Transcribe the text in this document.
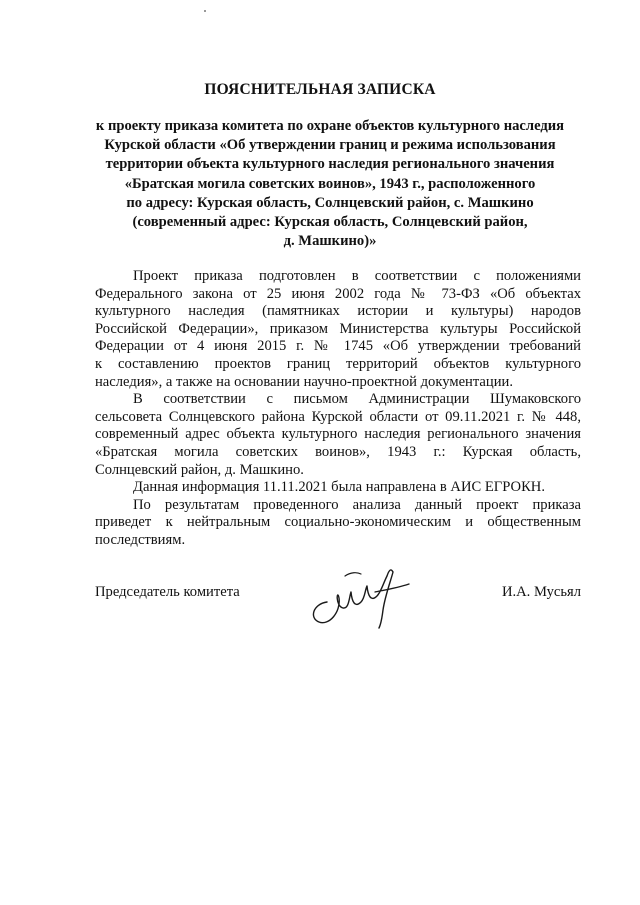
ПОЯСНИТЕЛЬНАЯ ЗАПИСКА
к проекту приказа комитета по охране объектов культурного наследия
Курской области «Об утверждении границ и режима использования
территории объекта культурного наследия регионального значения
«Братская могила советских воинов», 1943 г., расположенного
по адресу: Курская область, Солнцевский район, с. Машкино
(современный адрес: Курская область, Солнцевский район,
д. Машкино)»
Проект приказа подготовлен в соответствии с положениями
Федерального закона от 25 июня 2002 года № 73-ФЗ «Об объектах
культурного наследия (памятниках истории и культуры) народов
Российской Федерации», приказом Министерства культуры Российской
Федерации от 4 июня 2015 г. № 1745 «Об утверждении требований
к составлению проектов границ территорий объектов культурного
наследия», а также на основании научно-проектной документации.
В соответствии с письмом Администрации Шумаковского
сельсовета Солнцевского района Курской области от 09.11.2021 г. № 448,
современный адрес объекта культурного наследия регионального значения
«Братская могила советских воинов», 1943 г.: Курская область,
Солнцевский район, д. Машкино.
Данная информация 11.11.2021 была направлена в АИС ЕГРОКН.
По результатам проведенного анализа данный проект приказа
приведет к нейтральным социально-экономическим и общественным
последствиям.
Председатель комитета	И.А. Мусьял
